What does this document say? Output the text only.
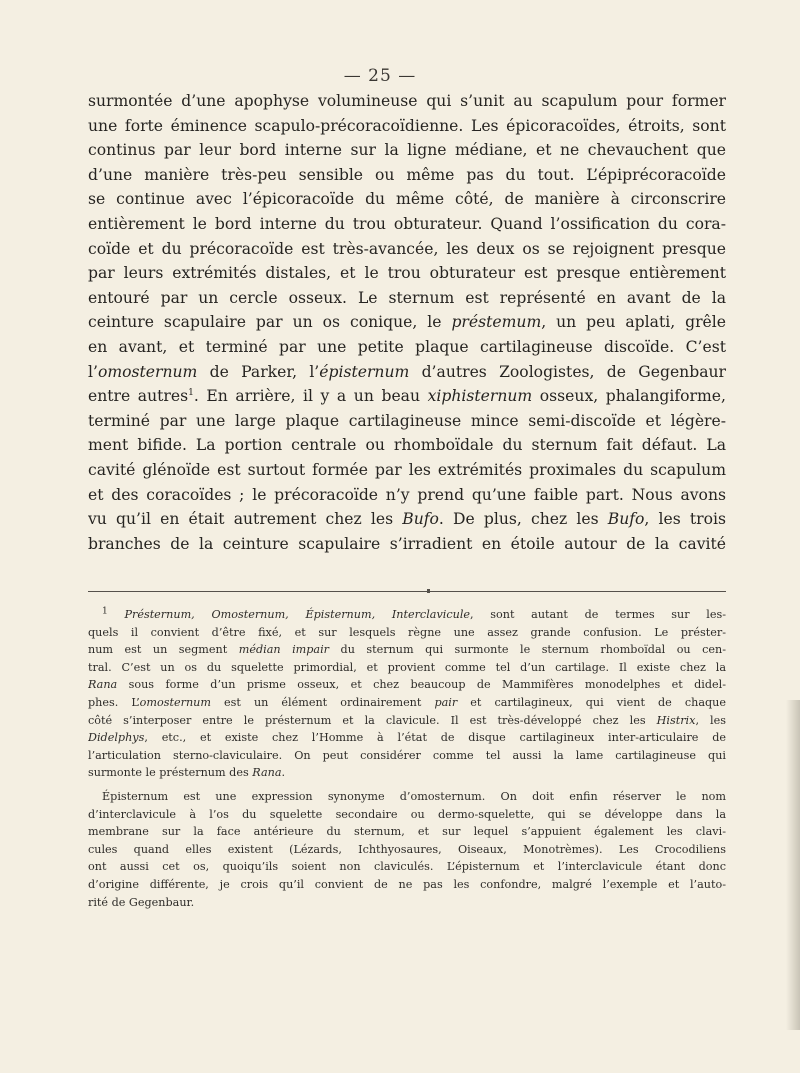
— 25 —
surmontée d’une apophyse volumineuse qui s’unit au scapulum pour former
une forte éminence scapulo-précoracoïdienne. Les épicoracoïdes, étroits, sont
continus par leur bord interne sur la ligne médiane, et ne chevauchent que
d’une manière très-peu sensible ou même pas du tout. L’épiprécoracoïde
se continue avec l’épicoracoïde du même côté, de manière à circonscrire
entièrement le bord interne du trou obturateur. Quand l’ossification du cora-
coïde et du précoracoïde est très-avancée, les deux os se rejoignent presque
par leurs extrémités distales, et le trou obturateur est presque entièrement
entouré par un cercle osseux. Le sternum est représenté en avant de la
ceinture scapulaire par un os conique, le préstemum, un peu aplati, grêle
en avant, et terminé par une petite plaque cartilagineuse discoïde. C’est
l’omosternum de Parker, l’épisternum d’autres Zoologistes, de Gegenbaur
entre autres$^1$. En arrière, il y a un beau xiphisternum osseux, phalangiforme,
terminé par une large plaque cartilagineuse mince semi-discoïde et légère-
ment bifide. La portion centrale ou rhomboïdale du sternum fait défaut. La
cavité glénoïde est surtout formée par les extrémités proximales du scapulum
et des coracoïdes ; le précoracoïde n’y prend qu’une faible part. Nous avons
vu qu’il en était autrement chez les Bufo. De plus, chez les Bufo, les trois
branches de la ceinture scapulaire s’irradient en étoile autour de la cavité
$^1$ Présternum, Omosternum, Épisternum, Interclavicule, sont autant de termes sur les-
quels il convient d’être fixé, et sur lesquels règne une assez grande confusion. Le préster-
num est un segment médian impair du sternum qui surmonte le sternum rhomboïdal ou cen-
tral. C’est un os du squelette primordial, et provient comme tel d’un cartilage. Il existe chez la
Rana sous forme d’un prisme osseux, et chez beaucoup de Mammifères monodelphes et didel-
phes. L’omosternum est un élément ordinairement pair et cartilagineux, qui vient de chaque
côté s’interposer entre le présternum et la clavicule. Il est très-développé chez les Histrix, les
Didelphys, etc., et existe chez l’Homme à l’état de disque cartilagineux inter-articulaire de
l’articulation sterno-claviculaire. On peut considérer comme tel aussi la lame cartilagineuse qui
surmonte le présternum des Rana.
Épisternum est une expression synonyme d’omosternum. On doit enfin réserver le nom
d’interclavicule à l’os du squelette secondaire ou dermo-squelette, qui se développe dans la
membrane sur la face antérieure du sternum, et sur lequel s’appuient également les clavi-
cules quand elles existent (Lézards, Ichthyosaures, Oiseaux, Monotrèmes). Les Crocodiliens
ont aussi cet os, quoiqu’ils soient non claviculés. L’épisternum et l’interclavicule étant donc
d’origine différente, je crois qu’il convient de ne pas les confondre, malgré l’exemple et l’auto-
rité de Gegenbaur.
